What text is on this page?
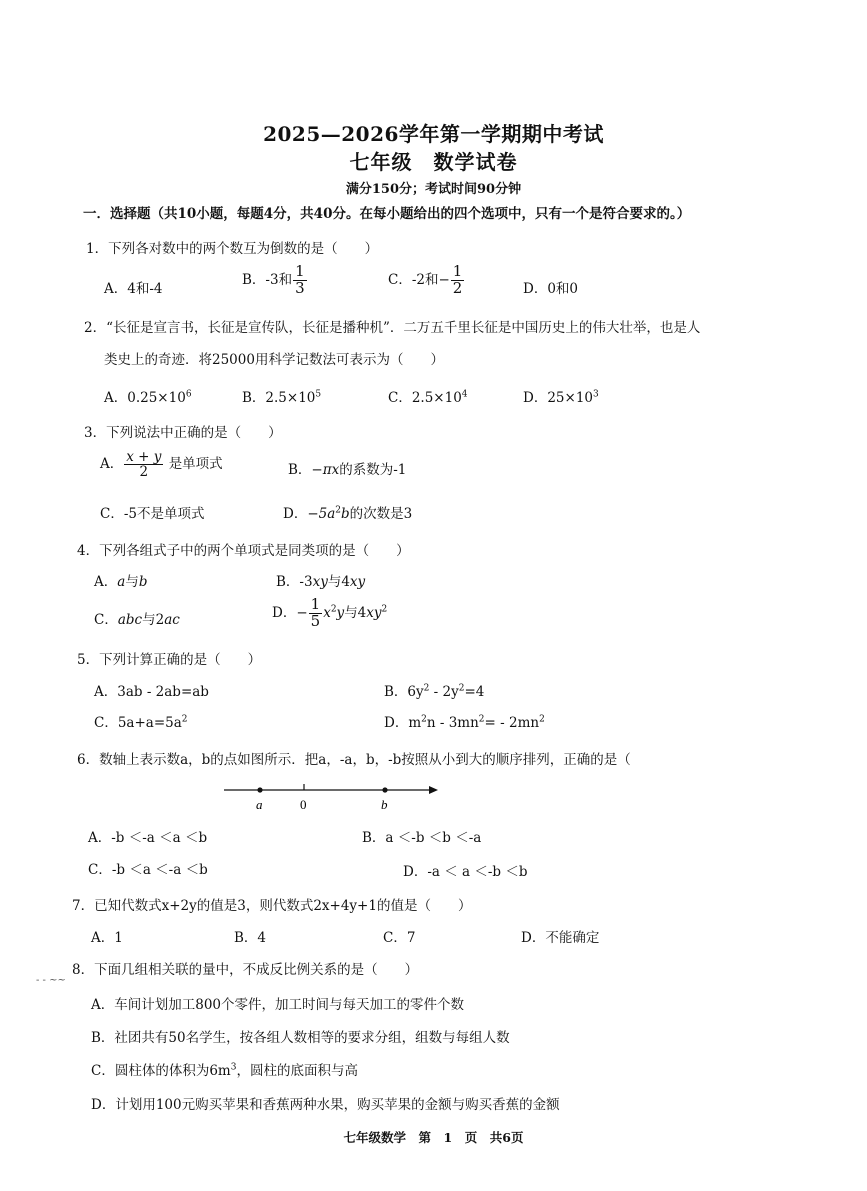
2025—2026学年第一学期期中考试
七年级　数学试卷
满分150分；考试时间90分钟
一．选择题（共10小题，每题4分，共40分。在每小题给出的四个选项中，只有一个是符合要求的。）
1．下列各对数中的两个数互为倒数的是（　　）
A．4和-4
B．-3和 $\frac{1}{3}$	C．-2和− $\frac{1}{2}$	D．0和0
2．“长征是宣言书，长征是宣传队，长征是播种机”．二万五千里长征是中国历史上的伟大壮举，也是人
类史上的奇迹．将25000用科学记数法可表示为（　　）
A．$0.25\times 10^6$	B．$2.5\times 10^5$	C．$2.5\times 10^4$	D．$25\times 10^3$
3．下列说法中正确的是（　　）
A． $\frac{x + y}{2}$ 是单项式	B．−πx的系数为-1
C．-5不是单项式	D．$-5a^2b$的次数是3
4．下列各组式子中的两个单项式是同类项的是（　　）
A．a与b	B．-3xy与4xy
C．abc与2ac	D．− $\frac{1}{5} x^2y$与$4xy^2$
5．下列计算正确的是（　　）
A．3ab - 2ab=ab	B．$6y^2 - 2y^2=4$
C．$5a+a=5a^2$	D．$m^2n - 3mn^2= - 2mn^2$
6．数轴上表示数a，b的点如图所示．把a，-a，b，-b按照从小到大的顺序排列，正确的是（
a	0	b
A．-b ＜-a ＜a ＜b	B．a ＜-b ＜b ＜-a
C．-b ＜a ＜-a ＜b	D．-a ＜ a ＜-b ＜b
7．已知代数式x+2y的值是3，则代数式2x+4y+1的值是（　　）
A．1	B．4	C．7	D．不能确定
8．下面几组相关联的量中，不成反比例关系的是（　　）
- - ~~
A．车间计划加工800个零件，加工时间与每天加工的零件个数
B．社团共有50名学生，按各组人数相等的要求分组，组数与每组人数
C．圆柱体的体积为$6m^3$，圆柱的底面积与高
D．计划用100元购买苹果和香蕉两种水果，购买苹果的金额与购买香蕉的金额
七年级数学　第　1　页　共6页
